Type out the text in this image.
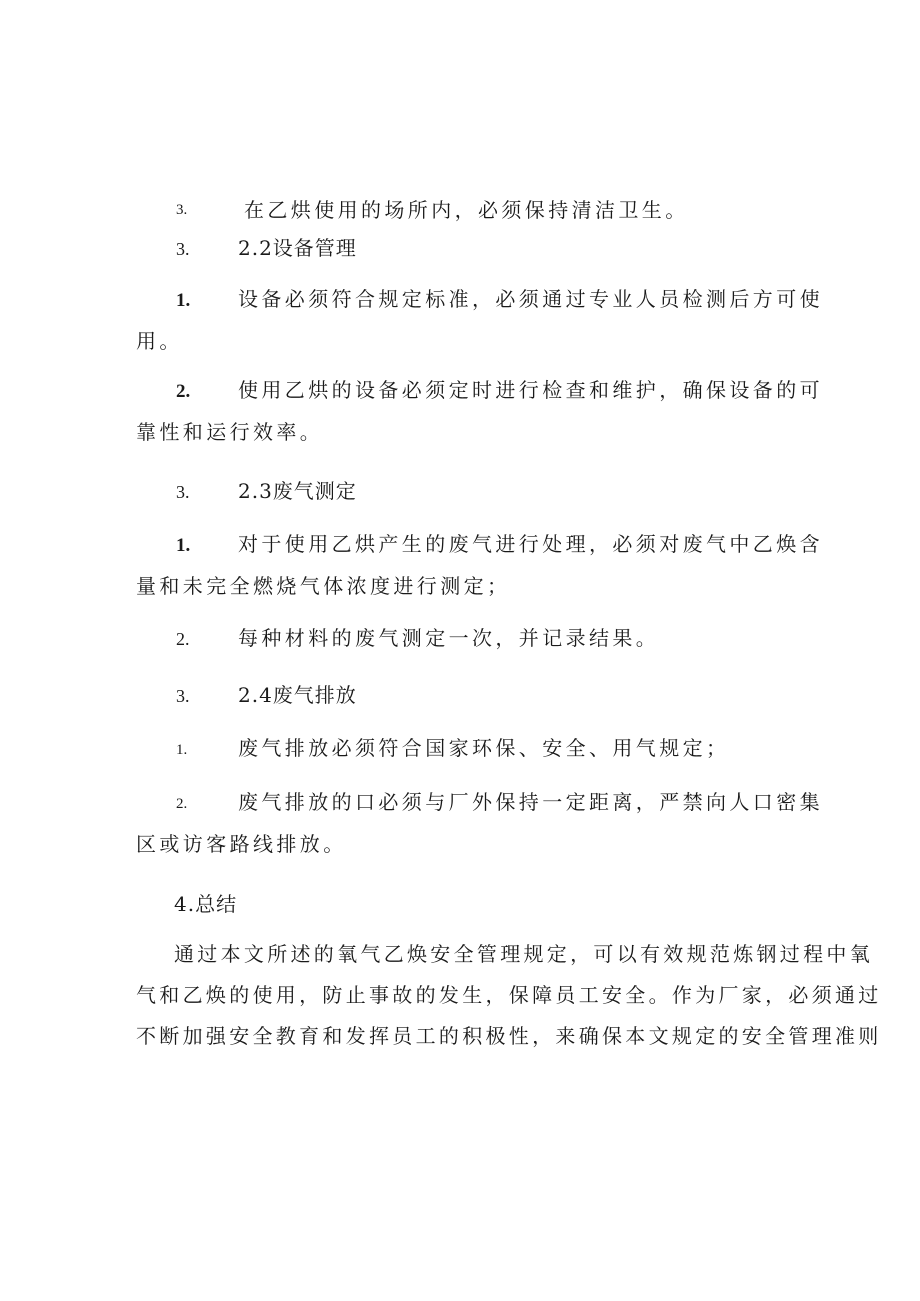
3.	在乙烘使用的场所内，必须保持清洁卫生。
3. 2.2设备管理
1. 设备必须符合规定标准，必须通过专业人员检测后方可使
用。
2. 使用乙烘的设备必须定时进行检查和维护，确保设备的可
靠性和运行效率。
3. 2.3废气测定
1. 对于使用乙烘产生的废气进行处理，必须对废气中乙焕含
量和未完全燃烧气体浓度进行测定；
2. 每种材料的废气测定一次，并记录结果。
3. 2.4废气排放
1.	废气排放必须符合国家环保、安全、用气规定；
2.	废气排放的口必须与厂外保持一定距离，严禁向人口密集
区或访客路线排放。
4.总结
通过本文所述的氧气乙焕安全管理规定，可以有效规范炼钢过程中氧
气和乙焕的使用，防止事故的发生，保障员工安全。作为厂家，必须通过
不断加强安全教育和发挥员工的积极性，来确保本文规定的安全管理准则
